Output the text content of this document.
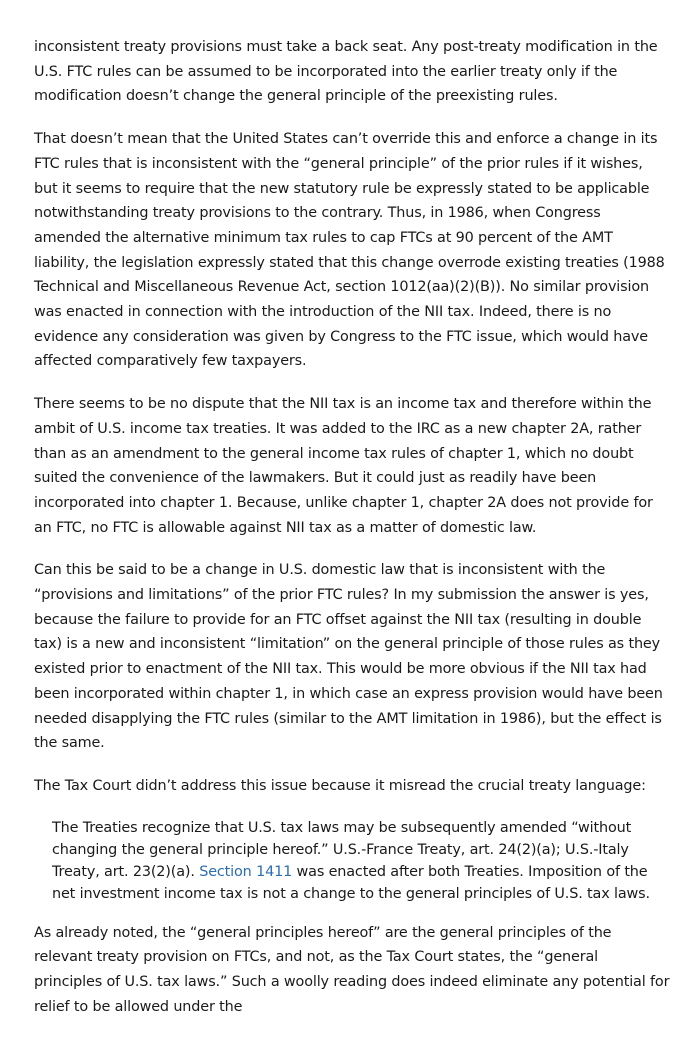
inconsistent treaty provisions must take a back seat. Any post-treaty modification in the U.S. FTC rules can be assumed to be incorporated into the earlier treaty only if the modification doesn’t change the general principle of the preexisting rules.

That doesn’t mean that the United States can’t override this and enforce a change in its FTC rules that is inconsistent with the “general principle” of the prior rules if it wishes, but it seems to require that the new statutory rule be expressly stated to be applicable notwithstanding treaty provisions to the contrary. Thus, in 1986, when Congress amended the alternative minimum tax rules to cap FTCs at 90 percent of the AMT liability, the legislation expressly stated that this change overrode existing treaties (1988 Technical and Miscellaneous Revenue Act, section 1012(aa)(2)(B)). No similar provision was enacted in connection with the introduction of the NII tax. Indeed, there is no evidence any consideration was given by Congress to the FTC issue, which would have affected comparatively few taxpayers.

There seems to be no dispute that the NII tax is an income tax and therefore within the ambit of U.S. income tax treaties. It was added to the IRC as a new chapter 2A, rather than as an amendment to the general income tax rules of chapter 1, which no doubt suited the convenience of the lawmakers. But it could just as readily have been incorporated into chapter 1. Because, unlike chapter 1, chapter 2A does not provide for an FTC, no FTC is allowable against NII tax as a matter of domestic law.

Can this be said to be a change in U.S. domestic law that is inconsistent with the “provisions and limitations” of the prior FTC rules? In my submission the answer is yes, because the failure to provide for an FTC offset against the NII tax (resulting in double tax) is a new and inconsistent “limitation” on the general principle of those rules as they existed prior to enactment of the NII tax. This would be more obvious if the NII tax had been incorporated within chapter 1, in which case an express provision would have been needed disapplying the FTC rules (similar to the AMT limitation in 1986), but the effect is the same.

The Tax Court didn’t address this issue because it misread the crucial treaty language:

The Treaties recognize that U.S. tax laws may be subsequently amended “without changing the general principle hereof.” U.S.-France Treaty, art. 24(2)(a); U.S.-Italy Treaty, art. 23(2)(a). Section 1411 was enacted after both Treaties. Imposition of the net investment income tax is not a change to the general principles of U.S. tax laws.

As already noted, the “general principles hereof” are the general principles of the relevant treaty provision on FTCs, and not, as the Tax Court states, the “general principles of U.S. tax laws.” Such a woolly reading does indeed eliminate any potential for relief to be allowed under the
